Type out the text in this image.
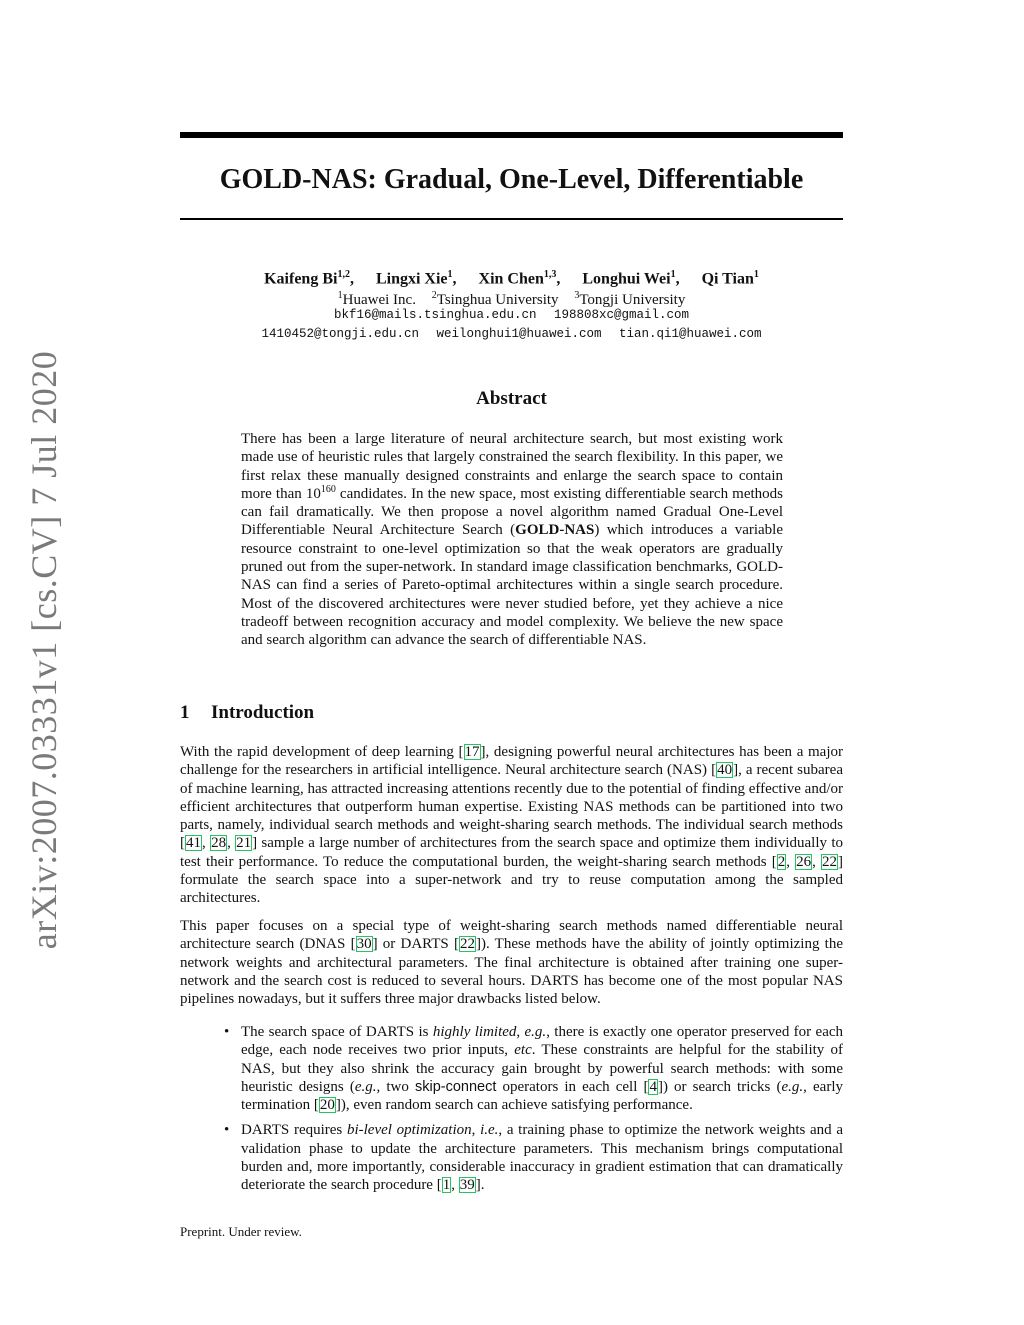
arXiv:2007.03331v1 [cs.CV] 7 Jul 2020
GOLD-NAS: Gradual, One-Level, Differentiable
Kaifeng Bi$^{1,2}$, Lingxi Xie$^1$, Xin Chen$^{1,3}$, Longhui Wei$^1$, Qi Tian$^1$
$^1$Huawei Inc. $^2$Tsinghua University $^3$Tongji University
bkf16@mails.tsinghua.edu.cn 198808xc@gmail.com
1410452@tongji.edu.cn weilonghui1@huawei.com tian.qi1@huawei.com
Abstract

There has been a large literature of neural architecture search, but most existing work made use of heuristic rules that largely constrained the search flexibility. In this paper, we first relax these manually designed constraints and enlarge the search space to contain more than $10^{160}$ candidates. In the new space, most existing differentiable search methods can fail dramatically. We then propose a novel algorithm named Gradual One-Level Differentiable Neural Architecture Search (GOLD-NAS) which introduces a variable resource constraint to one-level optimization so that the weak operators are gradually pruned out from the super-network. In standard image classification benchmarks, GOLD-NAS can find a series of Pareto-optimal architectures within a single search procedure. Most of the discovered architectures were never studied before, yet they achieve a nice tradeoff between recognition accuracy and model complexity. We believe the new space and search algorithm can advance the search of differentiable NAS.

1 Introduction

With the rapid development of deep learning [17], designing powerful neural architectures has been a major challenge for the researchers in artificial intelligence. Neural architecture search (NAS) [40], a recent subarea of machine learning, has attracted increasing attentions recently due to the potential of finding effective and/or efficient architectures that outperform human expertise. Existing NAS methods can be partitioned into two parts, namely, individual search methods and weight-sharing search methods. The individual search methods [41, 28, 21] sample a large number of architectures from the search space and optimize them individually to test their performance. To reduce the computational burden, the weight-sharing search methods [2, 26, 22] formulate the search space into a super-network and try to reuse computation among the sampled architectures.

This paper focuses on a special type of weight-sharing search methods named differentiable neural architecture search (DNAS [30] or DARTS [22]). These methods have the ability of jointly optimizing the network weights and architectural parameters. The final architecture is obtained after training one super-network and the search cost is reduced to several hours. DARTS has become one of the most popular NAS pipelines nowadays, but it suffers three major drawbacks listed below.

• The search space of DARTS is highly limited, e.g., there is exactly one operator preserved for each edge, each node receives two prior inputs, etc. These constraints are helpful for the stability of NAS, but they also shrink the accuracy gain brought by powerful search methods: with some heuristic designs (e.g., two skip-connect operators in each cell [4]) or search tricks (e.g., early termination [20]), even random search can achieve satisfying performance.
• DARTS requires bi-level optimization, i.e., a training phase to optimize the network weights and a validation phase to update the architecture parameters. This mechanism brings computational burden and, more importantly, considerable inaccuracy in gradient estimation that can dramatically deteriorate the search procedure [1, 39].

Preprint. Under review.
